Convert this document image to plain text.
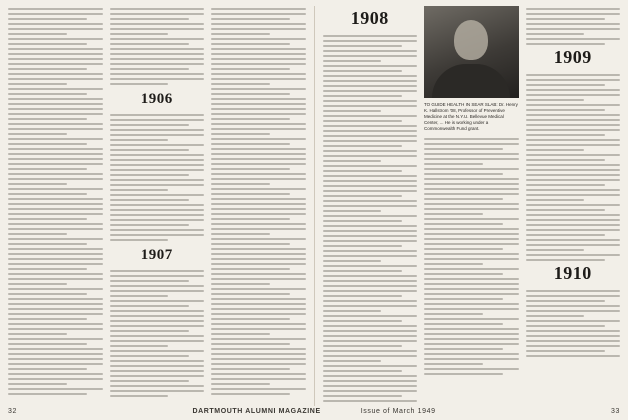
1906
1907
1908
TO GUIDE HEALTH IN SEAR SLAB: Dr. Henry K. Hallstrom '08, Professor of Preventive Medicine at the N.Y.U. Bellevue Medical Center, ... He is working under a Commonwealth Fund grant.
1909
1910
32	DARTMOUTH ALUMNI MAGAZINE	Issue of March 1949	33
